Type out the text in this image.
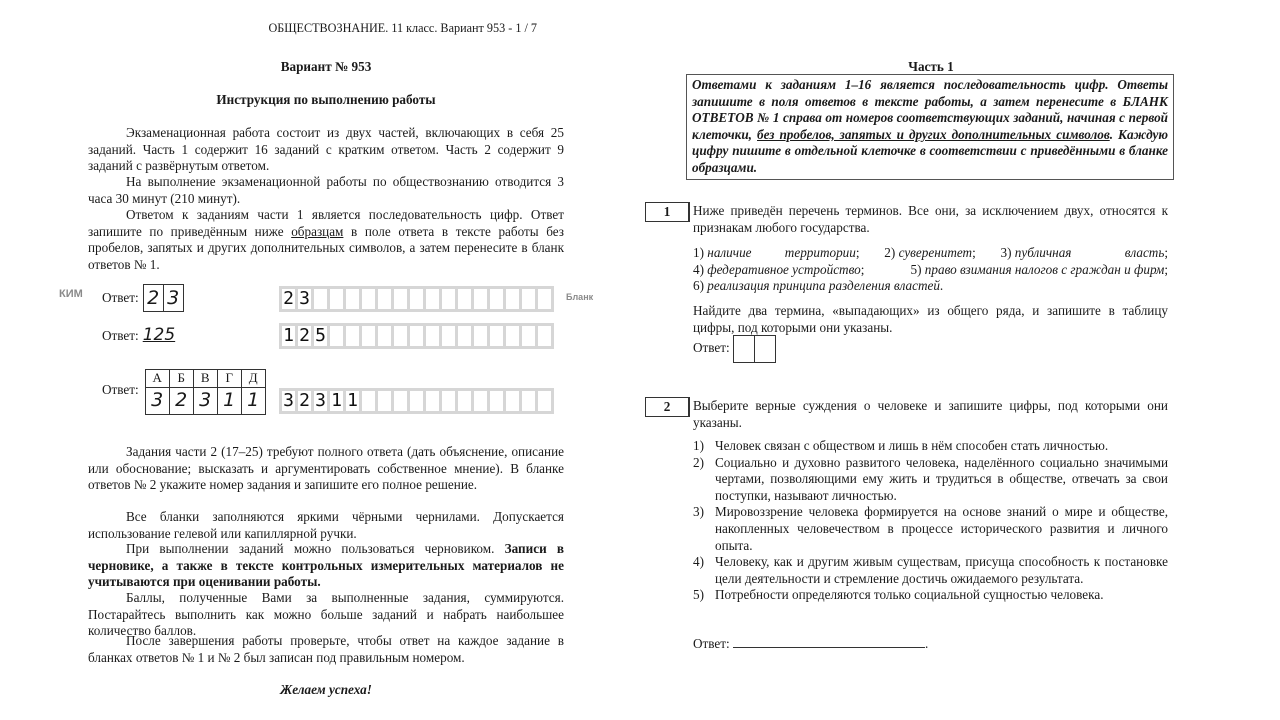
ОБЩЕСТВОЗНАНИЕ. 11 класс. Вариант 953 - 1 / 7
Вариант № 953
Инструкция по выполнению работы
Экзаменационная работа состоит из двух частей, включающих в себя 25 заданий. Часть 1 содержит 16 заданий с кратким ответом. Часть 2 содержит 9 заданий с развёрнутым ответом.
На выполнение экзаменационной работы по обществознанию отводится 3 часа 30 минут (210 минут).
Ответом к заданиям части 1 является последовательность цифр. Ответ запишите по приведённым ниже образцам в поле ответа в тексте работы без пробелов, запятых и других дополнительных символов, а затем перенесите в бланк ответов № 1.
КИМ	Бланк
Ответ: 2 3
Ответ: 125
Ответ:
А	Б	В	Г	Д
3	2	3	1	1
2 3
1 2 5
3 2 3 1 1
Задания части 2 (17–25) требуют полного ответа (дать объяснение, описание или обоснование; высказать и аргументировать собственное мнение). В бланке ответов № 2 укажите номер задания и запишите его полное решение.
Все бланки заполняются яркими чёрными чернилами. Допускается использование гелевой или капиллярной ручки.
При выполнении заданий можно пользоваться черновиком. Записи в черновике, а также в тексте контрольных измерительных материалов не учитываются при оценивании работы.
Баллы, полученные Вами за выполненные задания, суммируются. Постарайтесь выполнить как можно больше заданий и набрать наибольшее количество баллов.
После завершения работы проверьте, чтобы ответ на каждое задание в бланках ответов № 1 и № 2 был записан под правильным номером.
Желаем успеха!
Часть 1
Ответами к заданиям 1–16 является последовательность цифр. Ответы запишите в поля ответов в тексте работы, а затем перенесите в БЛАНК ОТВЕТОВ № 1 справа от номеров соответствующих заданий, начиная с первой клеточки, без пробелов, запятых и других дополнительных символов. Каждую цифру пишите в отдельной клеточке в соответствии с приведёнными в бланке образцами.
1	Ниже приведён перечень терминов. Все они, за исключением двух, относятся к признакам любого государства.
1) наличие территории; 2) суверенитет; 3) публичная власть;
4) федеративное устройство;	5) право взимания налогов с граждан и фирм;
6) реализация принципа разделения властей.
Найдите два термина, «выпадающих» из общего ряда, и запишите в таблицу цифры, под которыми они указаны.
Ответ:
2	Выберите верные суждения о человеке и запишите цифры, под которыми они указаны.
1) Человек связан с обществом и лишь в нём способен стать личностью.
2) Социально и духовно развитого человека, наделённого социально значимыми чертами, позволяющими ему жить и трудиться в обществе, отвечать за свои поступки, называют личностью.
3) Мировоззрение человека формируется на основе знаний о мире и обществе, накопленных человечеством в процессе исторического развития и личного опыта.
4) Человеку, как и другим живым существам, присуща способность к постановке цели деятельности и стремление достичь ожидаемого результата.
5) Потребности определяются только социальной сущностью человека.
Ответ:	.
